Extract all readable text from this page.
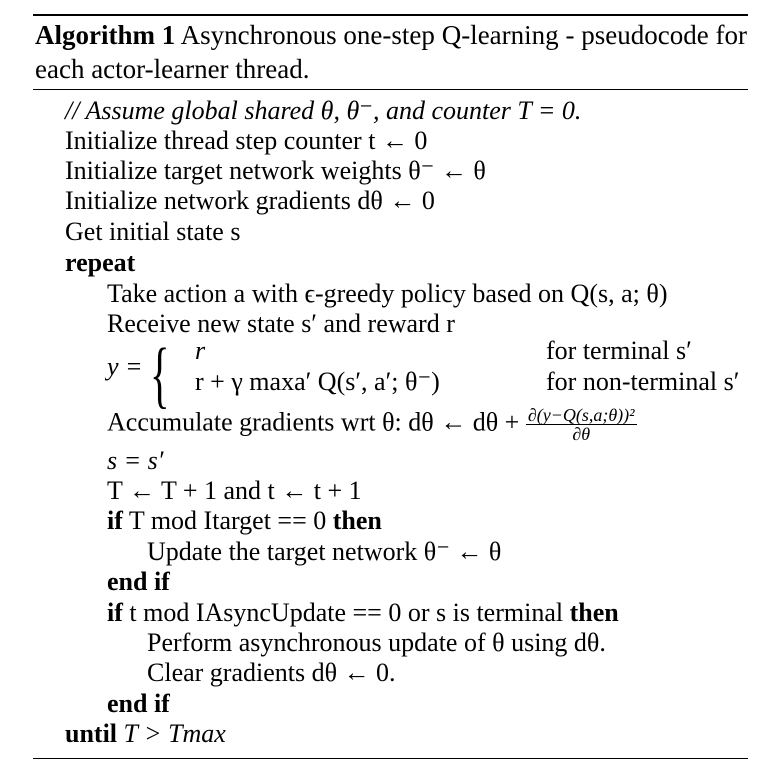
Algorithm 1 Asynchronous one-step Q-learning - pseudocode for each actor-learner thread.
// Assume global shared θ, θ⁻, and counter T = 0.
Initialize thread step counter t ← 0
Initialize target network weights θ⁻ ← θ
Initialize network gradients dθ ← 0
Get initial state s
repeat
Take action a with ϵ-greedy policy based on Q(s, a; θ)
Receive new state s′ and reward r
y = { r	for terminal s′
r + γ maxa′ Q(s′, a′; θ⁻)	for non-terminal s′
Accumulate gradients wrt θ: dθ ← $d\theta + \frac{\text{∂(y−Q(s,a;θ))²}}{\partial\theta}$
s = s′
T ← T + 1 and t ← t + 1
if T mod Itarget == 0 then
Update the target network θ⁻ ← θ
end if
if t mod IAsyncUpdate == 0 or s is terminal then
Perform asynchronous update of θ using dθ.
Clear gradients dθ ← 0.
end if
until T > Tmax
